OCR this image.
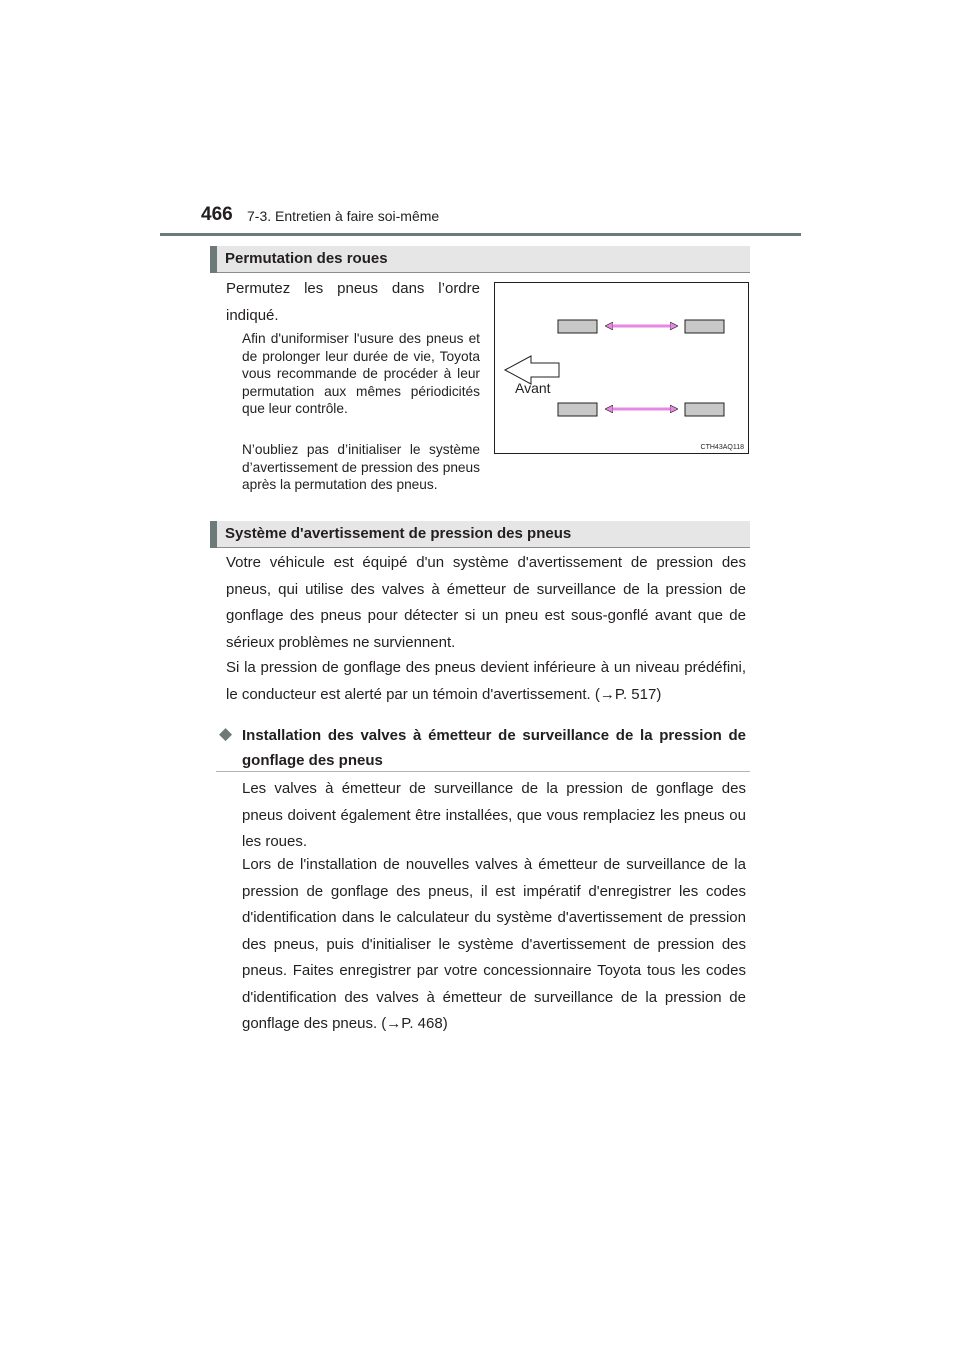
466 7-3. Entretien à faire soi-même
Permutation des roues
Permutez les pneus dans l’ordre indiqué.
Afin d'uniformiser l'usure des pneus et de prolonger leur durée de vie, Toyota vous recommande de procéder à leur permutation aux mêmes périodicités que leur contrôle.
N’oubliez pas d’initialiser le système d’avertissement de pression des pneus après la permutation des pneus.
Avant
CTH43AQ118
Système d'avertissement de pression des pneus
Votre véhicule est équipé d'un système d'avertissement de pression des pneus, qui utilise des valves à émetteur de surveillance de la pression de gonflage des pneus pour détecter si un pneu est sous-gonflé avant que de sérieux problèmes ne surviennent.
Si la pression de gonflage des pneus devient inférieure à un niveau prédéfini, le conducteur est alerté par un témoin d'avertissement. (→P. 517)
◆ Installation des valves à émetteur de surveillance de la pression de gonflage des pneus
Les valves à émetteur de surveillance de la pression de gonflage des pneus doivent également être installées, que vous remplaciez les pneus ou les roues.
Lors de l'installation de nouvelles valves à émetteur de surveillance de la pression de gonflage des pneus, il est impératif d'enregistrer les codes d'identification dans le calculateur du système d'avertissement de pression des pneus, puis d'initialiser le système d'avertissement de pression des pneus. Faites enregistrer par votre concessionnaire Toyota tous les codes d'identification des valves à émetteur de surveillance de la pression de gonflage des pneus. (→P. 468)
